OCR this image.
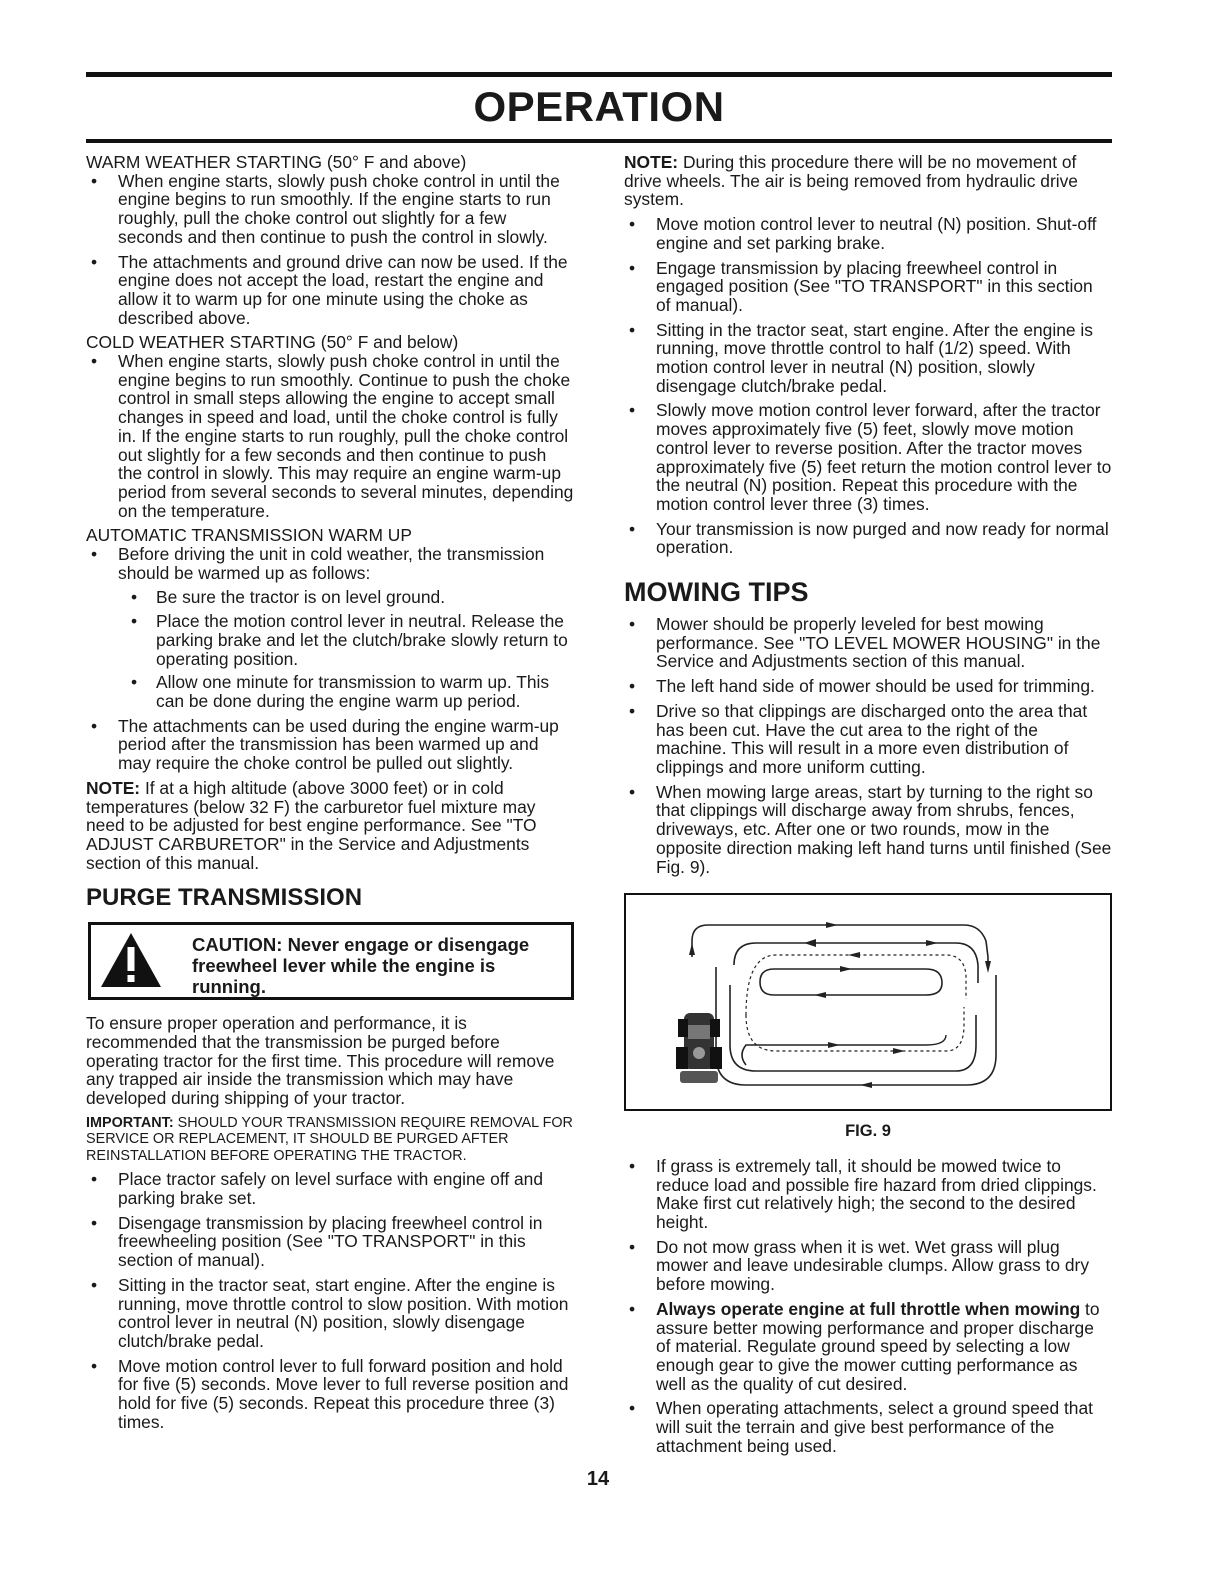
OPERATION

WARM WEATHER STARTING (50° F and above)

• When engine starts, slowly push choke control in until the engine begins to run smoothly. If the engine starts to run roughly, pull the choke control out slightly for a few seconds and then continue to push the control in slowly.
• The attachments and ground drive can now be used. If the engine does not accept the load, restart the engine and allow it to warm up for one minute using the choke as described above.

COLD WEATHER STARTING (50° F and below)

• When engine starts, slowly push choke control in until the engine begins to run smoothly. Continue to push the choke control in small steps allowing the engine to accept small changes in speed and load, until the choke control is fully in. If the engine starts to run roughly, pull the choke control out slightly for a few seconds and then continue to push the control in slowly. This may require an engine warm-up period from several seconds to several minutes, depending on the temperature.

AUTOMATIC TRANSMISSION WARM UP

• Before driving the unit in cold weather, the transmission should be warmed up as follows:
• Be sure the tractor is on level ground.
• Place the motion control lever in neutral. Release the parking brake and let the clutch/brake slowly return to operating position.
• Allow one minute for transmission to warm up. This can be done during the engine warm up period.
• The attachments can be used during the engine warm-up period after the transmission has been warmed up and may require the choke control be pulled out slightly.

NOTE: If at a high altitude (above 3000 feet) or in cold temperatures (below 32 F) the carburetor fuel mixture may need to be adjusted for best engine performance. See "TO ADJUST CARBURETOR" in the Service and Adjustments section of this manual.

PURGE TRANSMISSION
CAUTION: Never engage or disengage freewheel lever while the engine is running.

To ensure proper operation and performance, it is recommended that the transmission be purged before operating tractor for the first time. This procedure will remove any trapped air inside the transmission which may have developed during shipping of your tractor.

IMPORTANT: SHOULD YOUR TRANSMISSION REQUIRE REMOVAL FOR SERVICE OR REPLACEMENT, IT SHOULD BE PURGED AFTER REINSTALLATION BEFORE OPERATING THE TRACTOR.

• Place tractor safely on level surface with engine off and parking brake set.
• Disengage transmission by placing freewheel control in freewheeling position (See "TO TRANSPORT" in this section of manual).
• Sitting in the tractor seat, start engine. After the engine is running, move throttle control to slow position. With motion control lever in neutral (N) position, slowly disengage clutch/brake pedal.
• Move motion control lever to full forward position and hold for five (5) seconds. Move lever to full reverse position and hold for five (5) seconds. Repeat this procedure three (3) times.

NOTE: During this procedure there will be no movement of drive wheels. The air is being removed from hydraulic drive system.

• Move motion control lever to neutral (N) position. Shut-off engine and set parking brake.
• Engage transmission by placing freewheel control in engaged position (See "TO TRANSPORT" in this section of manual).
• Sitting in the tractor seat, start engine. After the engine is running, move throttle control to half (1/2) speed. With motion control lever in neutral (N) position, slowly disengage clutch/brake pedal.
• Slowly move motion control lever forward, after the tractor moves approximately five (5) feet, slowly move motion control lever to reverse position. After the tractor moves approximately five (5) feet return the motion control lever to the neutral (N) position. Repeat this procedure with the motion control lever three (3) times.
• Your transmission is now purged and now ready for normal operation.
MOWING TIPS
• Mower should be properly leveled for best mowing performance. See "TO LEVEL MOWER HOUSING" in the Service and Adjustments section of this manual.
• The left hand side of mower should be used for trimming.
• Drive so that clippings are discharged onto the area that has been cut. Have the cut area to the right of the machine. This will result in a more even distribution of clippings and more uniform cutting.
• When mowing large areas, start by turning to the right so that clippings will discharge away from shrubs, fences, driveways, etc. After one or two rounds, mow in the opposite direction making left hand turns until finished (See Fig. 9).

FIG. 9

• If grass is extremely tall, it should be mowed twice to reduce load and possible fire hazard from dried clippings. Make first cut relatively high; the second to the desired height.
• Do not mow grass when it is wet. Wet grass will plug mower and leave undesirable clumps. Allow grass to dry before mowing.
• Always operate engine at full throttle when mowing to assure better mowing performance and proper discharge of material. Regulate ground speed by selecting a low enough gear to give the mower cutting performance as well as the quality of cut desired.
• When operating attachments, select a ground speed that will suit the terrain and give best performance of the attachment being used.
14
